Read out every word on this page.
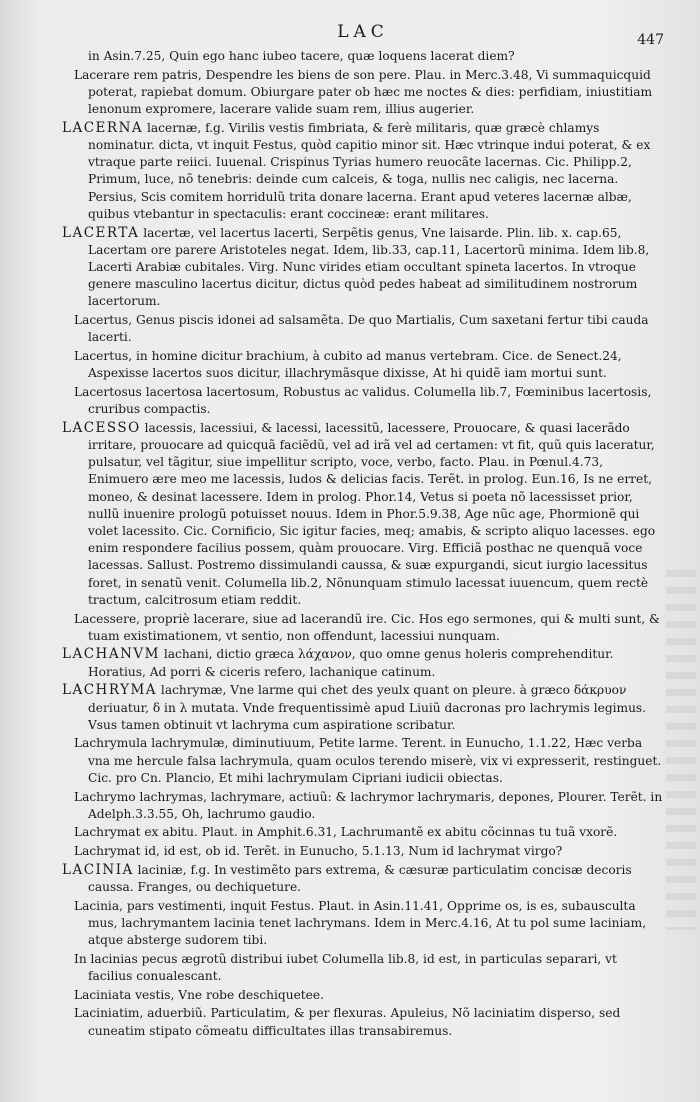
LAC	447

in Asin.7.25, Quin ego hanc iubeo tacere, quæ loquens lacerat diem?

Lacerare rem patris, Despendre les biens de son pere. Plau. in Merc.3.48, Vi summaquicquid poterat, rapiebat domum. Obiurgare pater ob hæc me noctes & dies: perfidiam, iniustitiam lenonum expromere, lacerare valide suam rem, illius augerier.

LACERNA lacernæ, f.g. Virilis vestis fimbriata, & ferè militaris, quæ græcè chlamys nominatur. dicta, vt inquit Festus, quòd capitio minor sit. Hæc vtrinque indui poterat, & ex vtraque parte reiici. Iuuenal. Crispinus Tyrias humero reuocãte lacernas. Cic. Philipp.2, Primum, luce, nõ tenebris: deinde cum calceis, & toga, nullis nec caligis, nec lacerna. Persius, Scis comitem horridulũ trita donare lacerna. Erant apud veteres lacernæ albæ, quibus vtebantur in spectaculis: erant coccineæ: erant militares.

LACERTA lacertæ, vel lacertus lacerti, Serpẽtis genus, Vne laisarde. Plin. lib. x. cap.65, Lacertam ore parere Aristoteles negat. Idem, lib.33, cap.11, Lacertorũ minima. Idem lib.8, Lacerti Arabiæ cubitales. Virg. Nunc virides etiam occultant spineta lacertos. In vtroque genere masculino lacertus dicitur, dictus quòd pedes habeat ad similitudinem nostrorum lacertorum.

Lacertus, Genus piscis idonei ad salsamẽta. De quo Martialis, Cum saxetani fertur tibi cauda lacerti.

Lacertus, in homine dicitur brachium, à cubito ad manus vertebram. Cice. de Senect.24, Aspexisse lacertos suos dicitur, illachrymãsque dixisse, At hi quidẽ iam mortui sunt.

Lacertosus lacertosa lacertosum, Robustus ac validus. Columella lib.7, Fœminibus lacertosis, cruribus compactis.

LACESSO lacessis, lacessiui, & lacessi, lacessitũ, lacessere, Prouocare, & quasi lacerãdo irritare, prouocare ad quicquã faciẽdũ, vel ad irã vel ad certamen: vt fit, quũ quis laceratur, pulsatur, vel tãgitur, siue impellitur scripto, voce, verbo, facto. Plau. in Pœnul.4.73, Enimuero ære meo me lacessis, ludos & delicias facis. Terẽt. in prolog. Eun.16, Is ne erret, moneo, & desinat lacessere. Idem in prolog. Phor.14, Vetus si poeta nõ lacessisset prior, nullũ inuenire prologũ potuisset nouus. Idem in Phor.5.9.38, Age nũc age, Phormionẽ qui volet lacessito. Cic. Cornificio, Sic igitur facies, meq; amabis, & scripto aliquo lacesses. ego enim respondere facilius possem, quàm prouocare. Virg. Efficiã posthac ne quenquã voce lacessas. Sallust. Postremo dissimulandi caussa, & suæ expurgandi, sicut iurgio lacessitus foret, in senatũ venit. Columella lib.2, Nõnunquam stimulo lacessat iuuencum, quem rectè tractum, calcitrosum etiam reddit.

Lacessere, propriè lacerare, siue ad lacerandũ ire. Cic. Hos ego sermones, qui & multi sunt, & tuam existimationem, vt sentio, non offendunt, lacessiui nunquam.

LACHANVM lachani, dictio græca λάχανον, quo omne genus holeris comprehenditur. Horatius, Ad porri & ciceris refero, lachanique catinum.

LACHRYMA lachrymæ, Vne larme qui chet des yeulx quant on pleure. à græco δάκρυον deriuatur, δ in λ mutata. Vnde frequentissimè apud Liuiũ dacronas pro lachrymis legimus. Vsus tamen obtinuit vt lachryma cum aspiratione scribatur.

Lachrymula lachrymulæ, diminutiuum, Petite larme. Terent. in Eunucho, 1.1.22, Hæc verba vna me hercule falsa lachrymula, quam oculos terendo miserè, vix vi expresserit, restinguet. Cic. pro Cn. Plancio, Et mihi lachrymulam Cipriani iudicii obiectas.

Lachrymo lachrymas, lachrymare, actiuũ: & lachrymor lachrymaris, depones, Plourer. Terẽt. in Adelph.3.3.55, Oh, lachrumo gaudio.

Lachrymat ex abitu. Plaut. in Amphit.6.31, Lachrumantẽ ex abitu cõcinnas tu tuã vxorẽ.

Lachrymat id, id est, ob id. Terẽt. in Eunucho, 5.1.13, Num id lachrymat virgo?

LACINIA laciniæ, f.g. In vestimẽto pars extrema, & cæsuræ particulatim concisæ decoris caussa. Franges, ou dechiqueture.

Lacinia, pars vestimenti, inquit Festus. Plaut. in Asin.11.41, Opprime os, is es, subausculta mus, lachrymantem lacinia tenet lachrymans. Idem in Merc.4.16, At tu pol sume laciniam, atque absterge sudorem tibi.

In lacinias pecus ægrotũ distribui iubet Columella lib.8, id est, in particulas separari, vt facilius conualescant.

Laciniata vestis, Vne robe deschiquetee.

Laciniatim, aduerbiũ. Particulatim, & per flexuras. Apuleius, Nõ laciniatim disperso, sed cuneatim stipato cõmeatu difficultates illas transabiremus.
